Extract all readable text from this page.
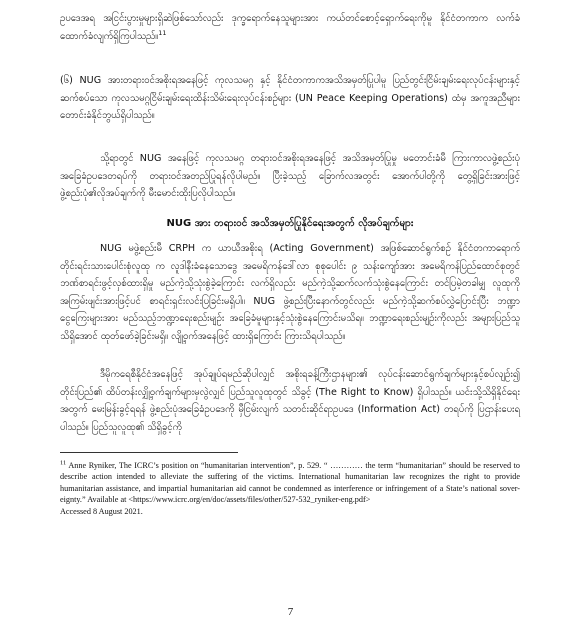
ဥပဒေအရ အငြင်းပွားမှုများရှိဆဲဖြစ်သော်လည်း ဒုက္ခရောက်နေသူများအား ကယ်တင်စောင့်ရှောက်ရေးကိုမူ နိုင်ငံတကာက လက်ခံထောက်ခံလျက်ရှိကြပါသည်။$^{11}$

(၆) NUG အားတရားဝင်အစိုးရအနေဖြင့် ကုလသမဂ္ဂ နှင့် နိုင်ငံတကာကအသိအမှတ်ပြုပါမူ ပြည်တွင်းငြိမ်းချမ်းရေးလုပ်ငန်းများနှင့် ဆက်စပ်သော ကုလသမဂ္ဂငြိမ်းချမ်းရေးထိန်းသိမ်းရေးလုပ်ငန်းစဉ်များ (UN Peace Keeping Operations) ထံမှ အကူအညီများတောင်းခံနိုင်ဘွယ်ရှိပါသည်။

သို့ရာတွင် NUG အနေဖြင့် ကုလသမဂ္ဂ တရားဝင်အစိုးရအနေဖြင့် အသိအမှတ်ပြုမှု မတောင်းခံမီ ကြားကာလဖွဲ့စည်းပုံအခြေခံဥပဒေတရပ်ကို တရားဝင်အတည်ပြုရန်လိုပါမည်။ ပြီးခဲ့သည့် ခြောက်လအတွင်း အောက်ပါတို့ကို တွေ့ရှိခြင်းအားဖြင့် ဖွဲ့စည်းပုံ၏လိုအပ်ချက်ကို မီးမောင်းထိုးပြလိုပါသည်။

NUG အား တရားဝင် အသိအမှတ်ပြုနိုင်ရေးအတွက် လိုအပ်ချက်များ

NUG မဖွဲ့စည်းမီ CRPH က ယာယီအစိုးရ (Acting Government) အဖြစ်ဆောင်ရွက်စဉ် နိုင်ငံတကာရောက်တိုင်းရင်းသားပေါင်းစုံလူထု က လူဒါနီးခံနေသောဒွေ အမေရိကန်ဒေါ်လာ စုစုပေါင်း ၉ သန်းကျော်အား အမေရိကန်ပြည်ထောင်စုတွင် ဘဏ်စာရင်းဖွင့်လှစ်ထားရှိမှု မည်ကဲ့သို့သုံးစွဲခဲ့ကြောင်း လက်ရှိလည်း မည်ကဲ့သို့ဆက်လက်သုံးစွဲနေကြောင်း တင်ပြမဲ့တခါမျှ လူထုကို အကြမ်းဖျင်းအားဖြင့်ပင် စာရင်းရှင်းလင်းပြခြင်းမရှိပါ။ NUG ဖွဲ့စည်းပြီးနောက်တွင်လည်း မည်ကဲ့သို့ဆက်စပ်လွှဲပြောင်းပြီး ဘဏ္ဍာငွေကြေးများအား မည်သည့်ဘဏ္ဍာရေးစည်းမျဉ်း အခြေခံမူများနှင့်သုံးစွဲနေကြောင်းမသိရ။ ဘဏ္ဍာရေးစည်းမျဉ်းကိုလည်း အများပြည်သူသိရှိအောင် ထုတ်ဖော်ခဲ့ခြင်းမရှိ။ လျို့ဝှက်အနေဖြင့် ထားရှိကြောင်း ကြားသိရပါသည်။

ဒီမိုကရေစီနိုင်ငံအနေဖြင့် အုပ်ချုပ်ရမည်ဆိုပါလျှင် အစိုးရခန့်ကြီးဌာနများ၏ လုပ်ငန်းဆောင်ရွက်ချက်များနှင့်စပ်လျဉ်း၍ တိုင်းပြည်၏ ထိပ်တန်းလျှို့ဝှက်ချက်များမှလွဲလျှင် ပြည်သူလူထုတွင် သိခွင့် (The Right to Know) ရှိပါသည်။ ယင်းသို့သိရှိနိုင်ရေးအတွက် မေးမြန်းခွင့်ရရန် ဖွဲ့စည်းပုံအခြေခံဥပဒေကို မှီငြမ်းလျက် သတင်းဆိုင်ရာဥပဒေ (Information Act) တရပ်ကို ပြဌာန်းပေးရပါသည်။ ပြည်သူလူထု၏ သိရှိခွင့်ကို

$^{11}$ Anne Ryniker, The ICRC’s position on “humanitarian intervention”, p. 529. “ ………… the term “humanitarian” should be reserved to describe action intended to alleviate the suffering of the victims. International humanitarian law recognizes the right to provide humanitarian assistance, and impartial humanitarian aid cannot be condemned as interference or infringement of a State’s national sover- eignty.” Available at <https://www.icrc.org/en/doc/assets/files/other/527-532_ryniker-eng.pdf>
Accessed 8 August 2021.

7
